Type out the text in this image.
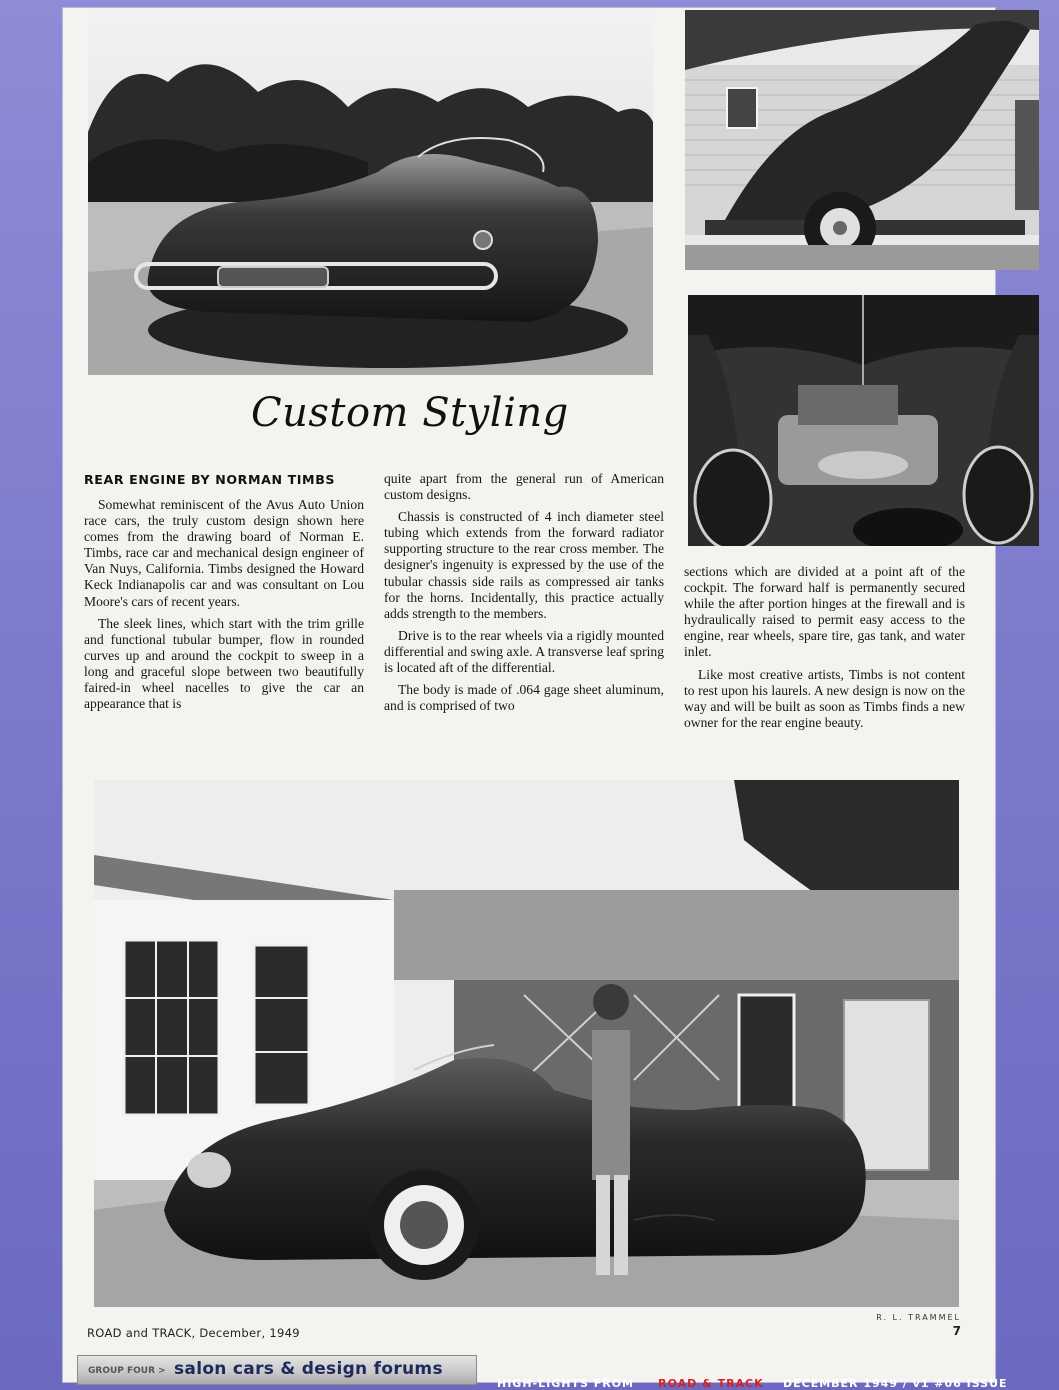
Custom Styling
REAR ENGINE BY NORMAN TIMBS

Somewhat reminiscent of the Avus Auto Union race cars, the truly custom design shown here comes from the drawing board of Norman E. Timbs, race car and mechanical design engineer of Van Nuys, California. Timbs designed the Howard Keck Indianapolis car and was consultant on Lou Moore's cars of recent years.

The sleek lines, which start with the trim grille and functional tubular bumper, flow in rounded curves up and around the cockpit to sweep in a long and graceful slope between two beautifully faired-in wheel nacelles to give the car an appearance that is

quite apart from the general run of American custom designs.

Chassis is constructed of 4 inch diameter steel tubing which extends from the forward radiator supporting structure to the rear cross member. The designer's ingenuity is expressed by the use of the tubular chassis side rails as compressed air tanks for the horns. Incidentally, this practice actually adds strength to the members.

Drive is to the rear wheels via a rigidly mounted differential and swing axle. A transverse leaf spring is located aft of the differential.

The body is made of .064 gage sheet aluminum, and is comprised of two

sections which are divided at a point aft of the cockpit. The forward half is permanently secured while the after portion hinges at the firewall and is hydraulically raised to permit easy access to the engine, rear wheels, spare tire, gas tank, and water inlet.

Like most creative artists, Timbs is not content to rest upon his laurels. A new design is now on the way and will be built as soon as Timbs finds a new owner for the rear engine beauty.

R. L. TRAMMEL
ROAD and TRACK, December, 1949	7
GROUP FOUR > salon cars & design forums
HIGH-LIGHTS FROM ROAD & TRACK DECEMBER 1949 / v1 #06 ISSUE
